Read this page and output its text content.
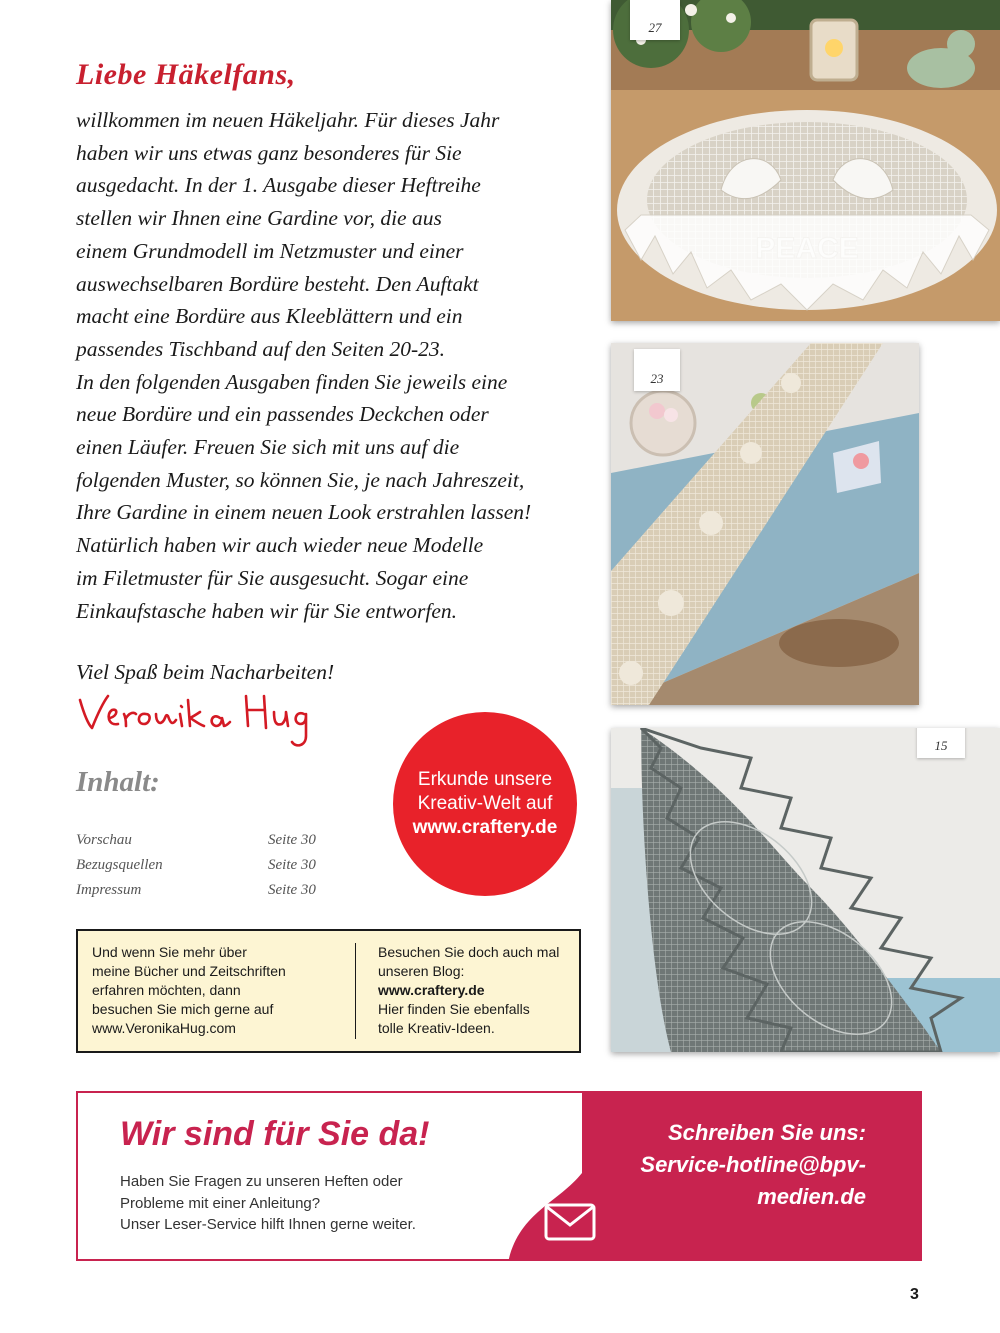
Liebe Häkelfans,

willkommen im neuen Häkeljahr. Für dieses Jahr
haben wir uns etwas ganz besonderes für Sie
ausgedacht. In der 1. Ausgabe dieser Heftreihe
stellen wir Ihnen eine Gardine vor, die aus
einem Grundmodell im Netzmuster und einer
auswechselbaren Bordüre besteht. Den Auftakt
macht eine Bordüre aus Kleeblättern und ein
passendes Tischband auf den Seiten 20-23.
In den folgenden Ausgaben finden Sie jeweils eine
neue Bordüre und ein passendes Deckchen oder
einen Läufer. Freuen Sie sich mit uns auf die
folgenden Muster, so können Sie, je nach Jahreszeit,
Ihre Gardine in einem neuen Look erstrahlen lassen!
Natürlich haben wir auch wieder neue Modelle
im Filetmuster für Sie ausgesucht. Sogar eine
Einkaufstasche haben wir für Sie entworfen.

Viel Spaß beim Nacharbeiten!
Inhalt:
Vorschau	Seite 30
Bezugsquellen	Seite 30
Impressum	Seite 30
Erkunde unsere
Kreativ-Welt auf
www.craftery.de
Und wenn Sie mehr über
meine Bücher und Zeitschriften
erfahren möchten, dann
besuchen Sie mich gerne auf
www.VeronikaHug.com
Besuchen Sie doch auch mal
unseren Blog:
www.craftery.de
Hier finden Sie ebenfalls
tolle Kreativ-Ideen.
27
23
15
Wir sind für Sie da!
Haben Sie Fragen zu unseren Heften oder
Probleme mit einer Anleitung?
Unser Leser-Service hilft Ihnen gerne weiter.
Schreiben Sie uns:
Service-hotline@bpv-
medien.de
3
